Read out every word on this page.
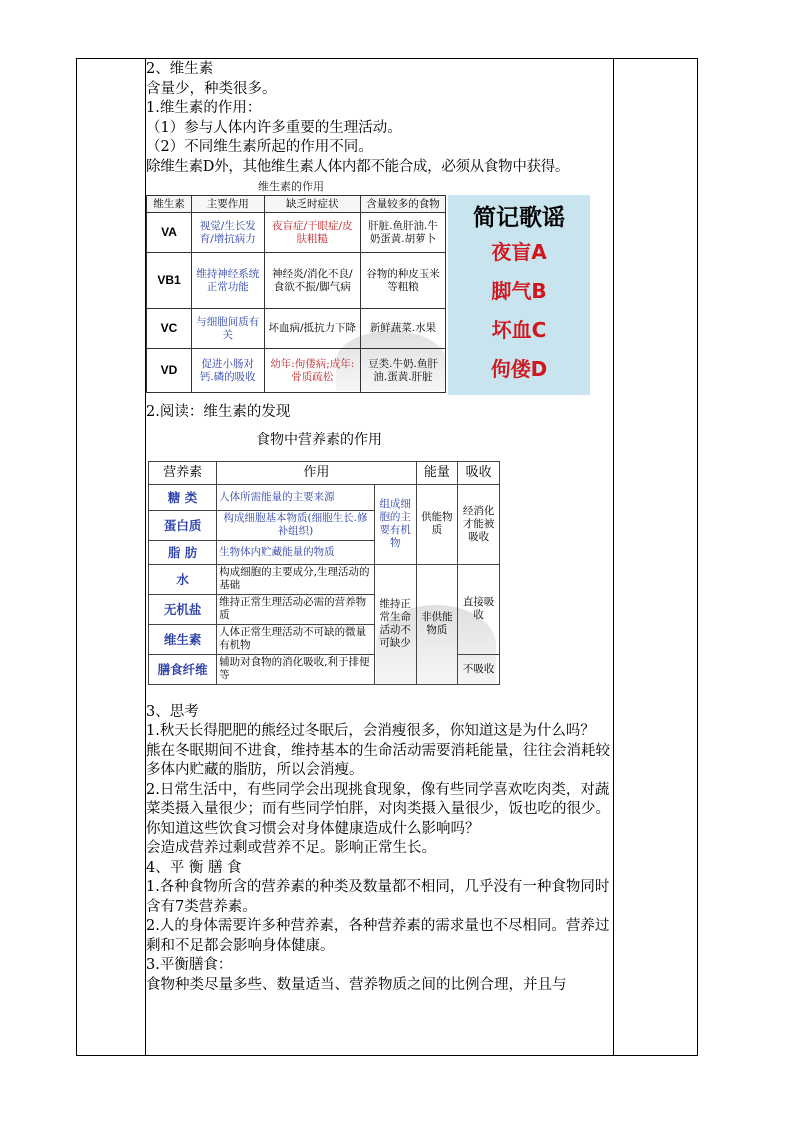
2、维生素

含量少，种类很多。

1.维生素的作用：

（1）参与人体内许多重要的生理活动。

（2）不同维生素所起的作用不同。

除维生素D外，其他维生素人体内都不能合成，必须从食物中获得。

维生素的作用
维生素	主要作用	缺乏时症状	含量较多的食物
VA	视觉/生长发育/增抗病力	夜盲症/干眼症/皮肤粗糙	肝脏.鱼肝油.牛奶蛋黄.胡萝卜
VB1	维持神经系统正常功能	神经炎/消化不良/食欲不振/脚气病	谷物的种皮玉米等粗粮
VC	与细胞间质有关	坏血病/抵抗力下降	新鲜蔬菜.水果
VD	促进小肠对钙.磷的吸收	幼年:佝偻病;成年:骨质疏松	豆类.牛奶.鱼肝油.蛋黄.肝脏
简记歌谣
夜盲A
脚气B
坏血C
佝偻D

2.阅读：维生素的发现

食物中营养素的作用
营养素	作用		能量	吸收
糖 类	人体所需能量的主要来源	组成细胞的主要有机物	供能物质	经消化才能被吸收
蛋白质	构成细胞基本物质(细胞生长.修补组织)			
脂 肪	生物体内贮藏能量的物质			
水	构成细胞的主要成分,生理活动的基础	维持正常生命活动不可缺少	非供能物质	直接吸收
无机盐	维持正常生理活动必需的营养物质			
维生素	人体正常生理活动不可缺的微量有机物			
膳食纤维	辅助对食物的消化吸收,利于排便等			不吸收

3、思考

1.秋天长得肥肥的熊经过冬眠后，会消瘦很多，你知道这是为什么吗？

熊在冬眠期间不进食，维持基本的生命活动需要消耗能量，往往会消耗较多体内贮藏的脂肪，所以会消瘦。

2.日常生活中，有些同学会出现挑食现象，像有些同学喜欢吃肉类，对蔬菜类摄入量很少；而有些同学怕胖，对肉类摄入量很少，饭也吃的很少。你知道这些饮食习惯会对身体健康造成什么影响吗？

会造成营养过剩或营养不足。影响正常生长。

4、平 衡 膳 食

1.各种食物所含的营养素的种类及数量都不相同，几乎没有一种食物同时含有7类营养素。

2.人的身体需要许多种营养素，各种营养素的需求量也不尽相同。营养过剩和不足都会影响身体健康。

3.平衡膳食：

食物种类尽量多些、数量适当、营养物质之间的比例合理，并且与
